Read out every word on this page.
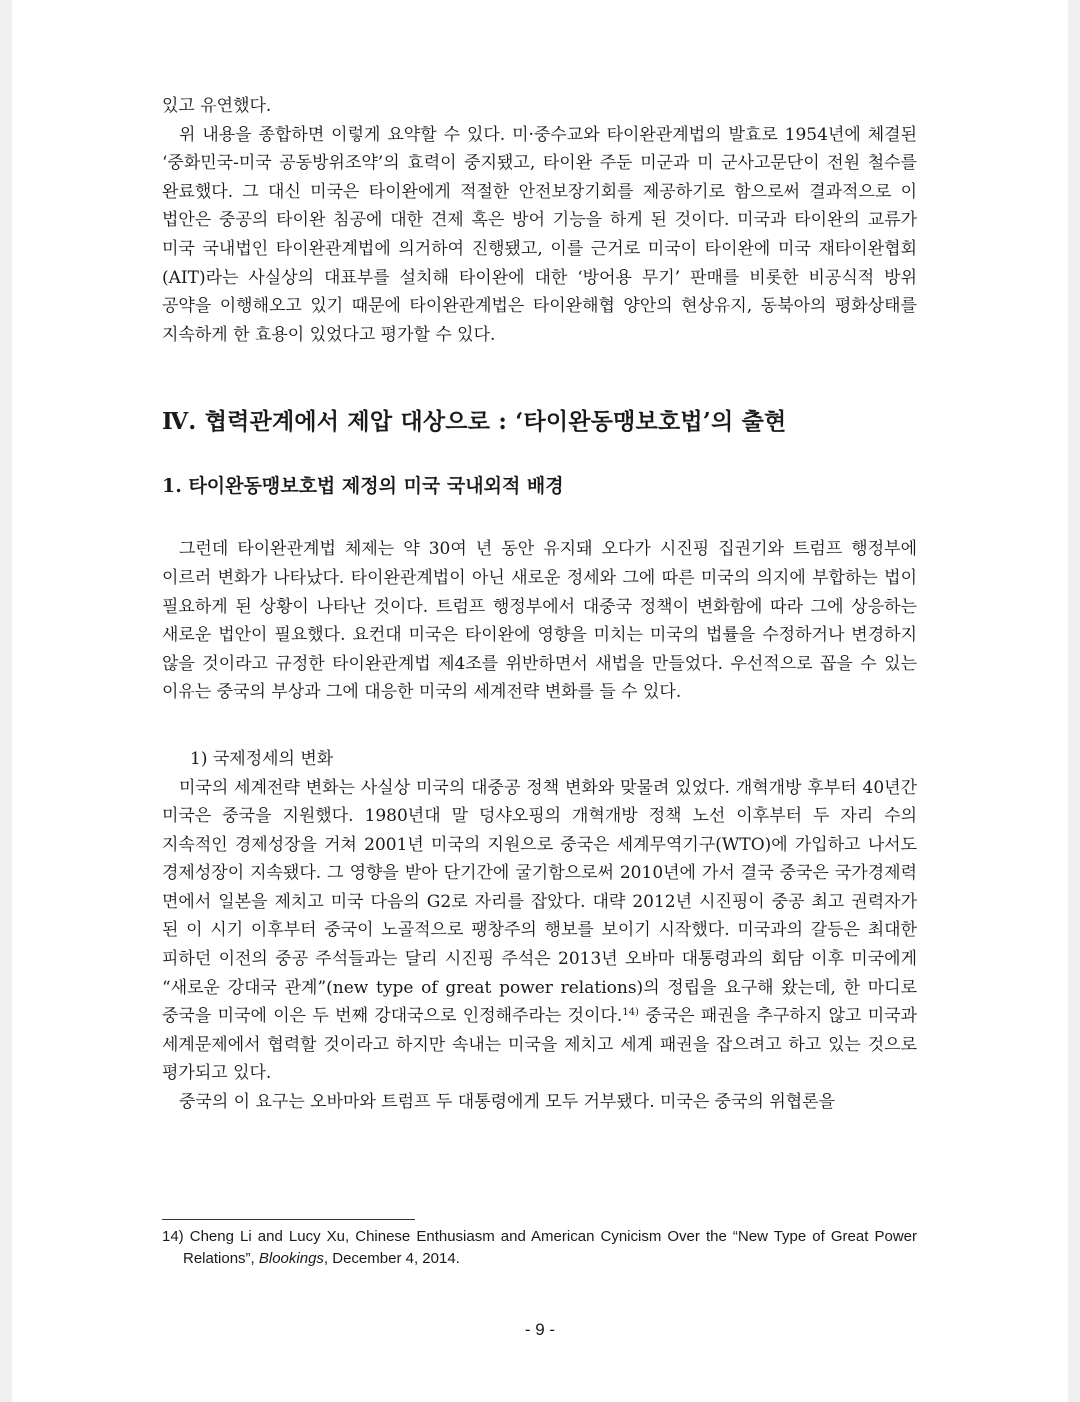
있고 유연했다.

위 내용을 종합하면 이렇게 요약할 수 있다. 미·중수교와 타이완관계법의 발효로 1954년에 체결된 ‘중화민국-미국 공동방위조약’의 효력이 중지됐고, 타이완 주둔 미군과 미 군사고문단이 전원 철수를 완료했다. 그 대신 미국은 타이완에게 적절한 안전보장기회를 제공하기로 함으로써 결과적으로 이 법안은 중공의 타이완 침공에 대한 견제 혹은 방어 기능을 하게 된 것이다. 미국과 타이완의 교류가 미국 국내법인 타이완관계법에 의거하여 진행됐고, 이를 근거로 미국이 타이완에 미국 재타이완협회(AIT)라는 사실상의 대표부를 설치해 타이완에 대한 ‘방어용 무기’ 판매를 비롯한 비공식적 방위 공약을 이행해오고 있기 때문에 타이완관계법은 타이완해협 양안의 현상유지, 동북아의 평화상태를 지속하게 한 효용이 있었다고 평가할 수 있다.

Ⅳ. 협력관계에서 제압 대상으로 : ‘타이완동맹보호법’의 출현
1. 타이완동맹보호법 제정의 미국 국내외적 배경

그런데 타이완관계법 체제는 약 30여 년 동안 유지돼 오다가 시진핑 집권기와 트럼프 행정부에 이르러 변화가 나타났다. 타이완관계법이 아닌 새로운 정세와 그에 따른 미국의 의지에 부합하는 법이 필요하게 된 상황이 나타난 것이다. 트럼프 행정부에서 대중국 정책이 변화함에 따라 그에 상응하는 새로운 법안이 필요했다. 요컨대 미국은 타이완에 영향을 미치는 미국의 법률을 수정하거나 변경하지 않을 것이라고 규정한 타이완관계법 제4조를 위반하면서 새법을 만들었다. 우선적으로 꼽을 수 있는 이유는 중국의 부상과 그에 대응한 미국의 세계전략 변화를 들 수 있다.

1) 국제정세의 변화

미국의 세계전략 변화는 사실상 미국의 대중공 정책 변화와 맞물려 있었다. 개혁개방 후부터 40년간 미국은 중국을 지원했다. 1980년대 말 덩샤오핑의 개혁개방 정책 노선 이후부터 두 자리 수의 지속적인 경제성장을 거쳐 2001년 미국의 지원으로 중국은 세계무역기구(WTO)에 가입하고 나서도 경제성장이 지속됐다. 그 영향을 받아 단기간에 굴기함으로써 2010년에 가서 결국 중국은 국가경제력 면에서 일본을 제치고 미국 다음의 G2로 자리를 잡았다. 대략 2012년 시진핑이 중공 최고 권력자가 된 이 시기 이후부터 중국이 노골적으로 팽창주의 행보를 보이기 시작했다. 미국과의 갈등은 최대한 피하던 이전의 중공 주석들과는 달리 시진핑 주석은 2013년 오바마 대통령과의 회담 이후 미국에게 “새로운 강대국 관계”(new type of great power relations)의 정립을 요구해 왔는데, 한 마디로 중국을 미국에 이은 두 번째 강대국으로 인정해주라는 것이다.$^{14)}$ 중국은 패권을 추구하지 않고 미국과 세계문제에서 협력할 것이라고 하지만 속내는 미국을 제치고 세계 패권을 잡으려고 하고 있는 것으로 평가되고 있다.

중국의 이 요구는 오바마와 트럼프 두 대통령에게 모두 거부됐다. 미국은 중국의 위협론을

14) Cheng Li and Lucy Xu, Chinese Enthusiasm and American Cynicism Over the “New Type of Great Power Relations”, Blookings, December 4, 2014.
- 9 -
